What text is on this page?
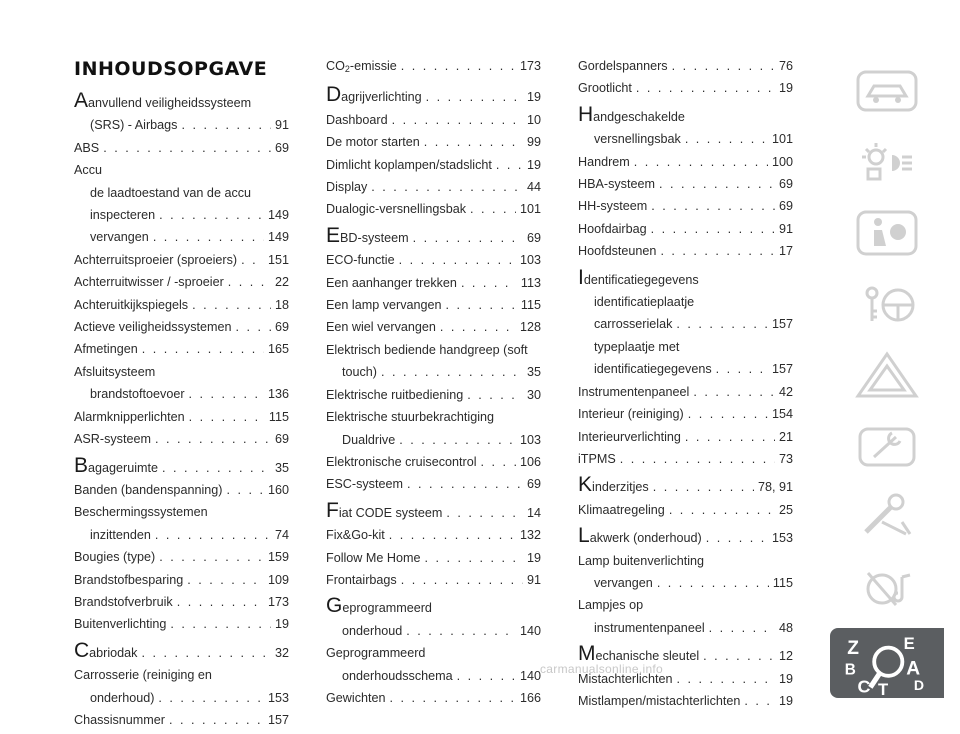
INHOUDSOPGAVE
Aanvullend veiligheidssysteem
(SRS) - Airbags . . .	91
ABS . . .	69
Accu
de laadtoestand van de accu
inspecteren . . .	149
vervangen . . .	149
Achterruitsproeier (sproeiers) . . . 151
Achterruitwisser / -sproeier . . .	22
Achteruitkijkspiegels . . .	18
Actieve veiligheidssystemen . . .	69
Afmetingen . . .	165
Afsluitsysteem
brandstoftoevoer . . .	136
Alarmknipperlichten . . .	115
ASR-systeem . . .	69
Bagageruimte . . .	35
Banden (bandenspanning) . . .	160
Beschermingssystemen
inzittenden . . .	74
Bougies (type) . . .	159
Brandstofbesparing . . .	109
Brandstofverbruik . . .	173
Buitenverlichting . . .	19
Cabriodak . . .	32
Carrosserie (reiniging en
onderhoud) . . .	153
Chassisnummer . . .	157
$CO_2$-emissie . . .	173
Dagrijverlichting . . .	19
Dashboard . . .	10
De motor starten . . .	99
Dimlicht koplampen/stadslicht . . .	19
Display . . .	44
Dualogic-versnellingsbak . . .	101
EBD-systeem . . .	69
ECO-functie . . .	103
Een aanhanger trekken . . .	113
Een lamp vervangen . . .	115
Een wiel vervangen . . .	128
Elektrisch bediende handgreep (soft
touch) . . .	35
Elektrische ruitbediening . . .	30
Elektrische stuurbekrachtiging
Dualdrive . . .	103
Elektronische cruisecontrol . . .	106
ESC-systeem . . .	69
Fiat CODE systeem . . .	14
Fix&Go-kit . . .	132
Follow Me Home . . .	19
Frontairbags . . .	91
Geprogrammeerd
onderhoud . . .	140
Geprogrammeerd
onderhoudsschema . . .	140
Gewichten . . .	166
Gordelspanners . . .	76
Grootlicht . . .	19
Handgeschakelde
versnellingsbak . . .	101
Handrem . . .	100
HBA-systeem . . .	69
HH-systeem . . .	69
Hoofdairbag . . .	91
Hoofdsteunen . . .	17
Identificatiegegevens
identificatieplaatje
carrosserielak . . .	157
typeplaatje met
identificatiegegevens . . .	157
Instrumentenpaneel . . .	42
Interieur (reiniging) . . .	154
Interieurverlichting . . .	21
iTPMS . . .	73
Kinderzitjes . . .	78, 91
Klimaatregeling . . .	25
Lakwerk (onderhoud) . . .	153
Lamp buitenverlichting
vervangen . . .	115
Lampjes op
instrumentenpaneel . . .	48
Mechanische sleutel . . .	12
Mistachterlichten . . .	19
Mistlampen/mistachterlichten . . .	19
Z	E
B	A
C	D
T
carmanualsonline.info
